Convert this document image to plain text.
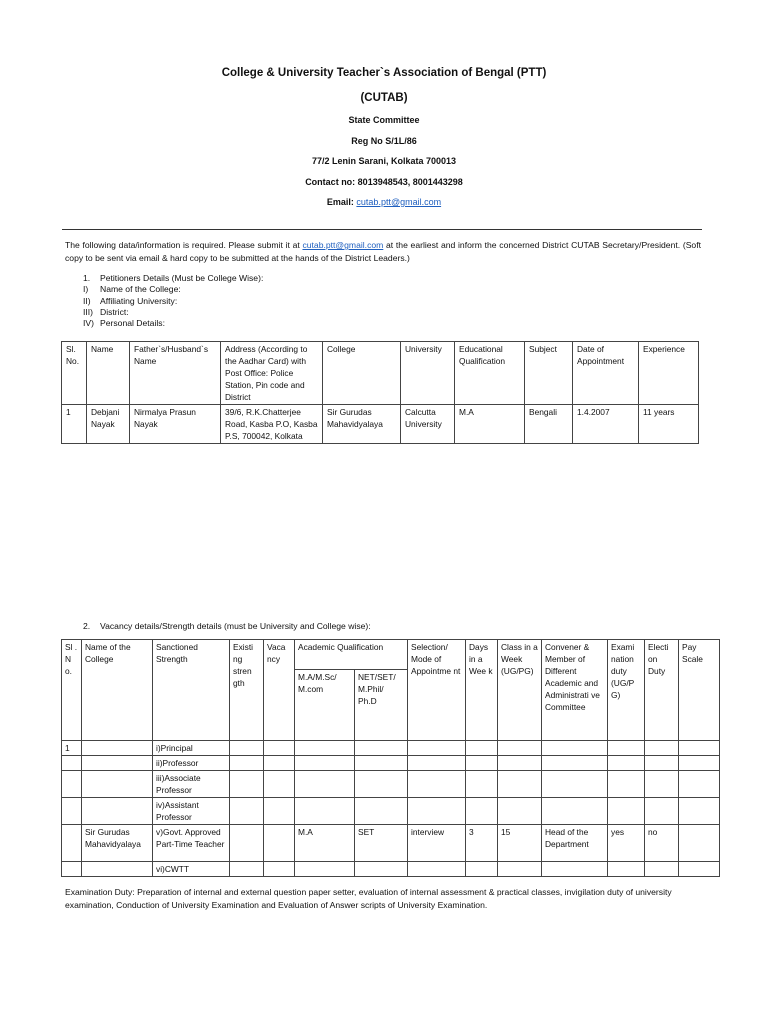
College & University Teacher`s Association of Bengal (PTT)
(CUTAB)
State Committee
Reg No S/1L/86
77/2 Lenin Sarani, Kolkata 700013
Contact no: 8013948543, 8001443298
Email: cutab.ptt@gmail.com
The following data/information is required. Please submit it at cutab.ptt@gmail.com at the earliest and inform the concerned District CUTAB Secretary/President. (Soft copy to be sent via email & hard copy to be submitted at the hands of the District Leaders.)
1. Petitioners Details (Must be College Wise):
I) Name of the College:
II) Affiliating University:
III) District:
IV) Personal Details:
Sl. No.	Name	Father`s/Husband`s Name	Address (According to the Aadhar Card) with Post Office: Police Station, Pin code and District	College	University	Educational Qualification	Subject	Date of Appointment	Experience
1	Debjani Nayak	Nirmalya Prasun Nayak	39/6, R.K.Chatterjee Road, Kasba P.O, Kasba P.S, 700042, Kolkata	Sir Gurudas Mahavidyalaya	Calcutta University	M.A	Bengali	1.4.2007	11 years
2. Vacancy details/Strength details (must be University and College wise):
Sl . N o.	Name of the College	Sanctioned Strength	Existi ng stren gth	Vaca ncy	Academic Qualification		Selection/ Mode of Appointme nt	Days in a Wee k	Class in a Week (UG/PG)	Convener & Member of Different Academic and Administrati ve Committee	Exami nation duty (UG/P G)	Electi on Duty	Pay Scale
					M.A/M.Sc/ M.com	NET/SET/ M.Phil/ Ph.D							
1		i)Principal											
		ii)Professor											
		iii)Associate Professor											
		iv)Assistant Professor											
	Sir Gurudas Mahavidyalaya	v)Govt. Approved Part-Time Teacher			M.A	SET	interview	3	15	Head of the Department	yes	no	
		vi)CWTT											
Examination Duty: Preparation of internal and external question paper setter, evaluation of internal assessment & practical classes, invigilation duty of university examination, Conduction of University Examination and Evaluation of Answer scripts of University Examination.
